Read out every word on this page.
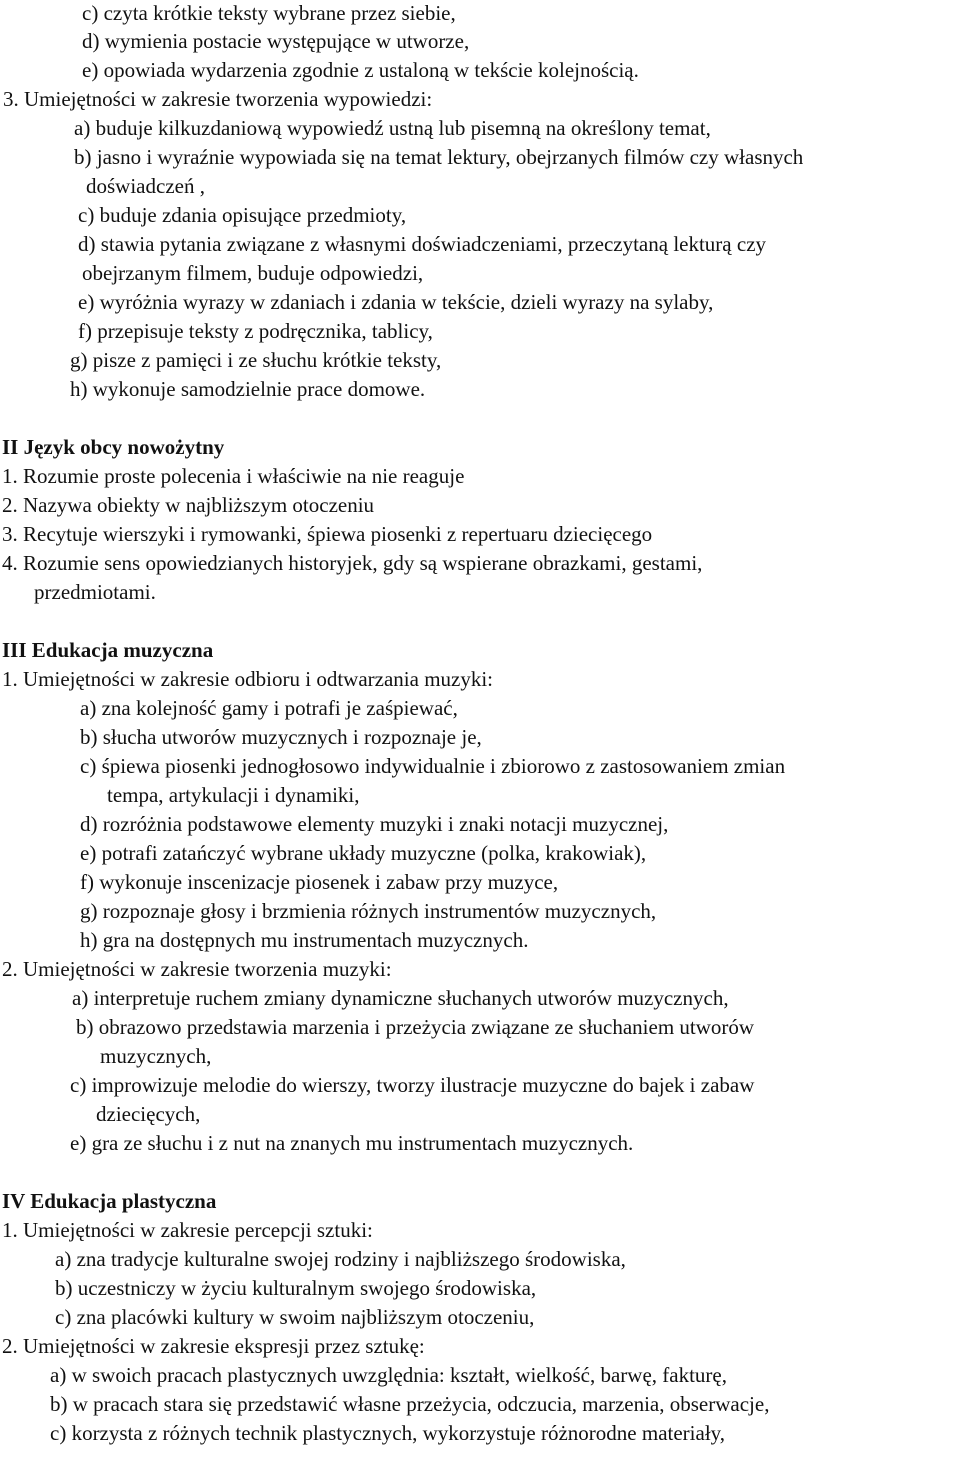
c) czyta krótkie teksty wybrane przez siebie,
d) wymienia postacie występujące w utworze,
e) opowiada wydarzenia zgodnie z ustaloną w tekście kolejnością.
3. Umiejętności w zakresie tworzenia wypowiedzi:
a) buduje kilkuzdaniową wypowiedź ustną lub pisemną na określony temat,
b) jasno i wyraźnie wypowiada się na temat lektury, obejrzanych filmów czy własnych
doświadczeń ,
c) buduje zdania opisujące przedmioty,
d) stawia pytania związane z własnymi doświadczeniami, przeczytaną lekturą czy
obejrzanym filmem, buduje odpowiedzi,
e) wyróżnia wyrazy w zdaniach i zdania w tekście, dzieli wyrazy na sylaby,
f) przepisuje teksty z podręcznika, tablicy,
g) pisze z pamięci i ze słuchu krótkie teksty,
h) wykonuje samodzielnie prace domowe.
II Język obcy nowożytny
1. Rozumie proste polecenia i właściwie na nie reaguje
2. Nazywa obiekty w najbliższym otoczeniu
3. Recytuje wierszyki i rymowanki, śpiewa piosenki z repertuaru dziecięcego
4. Rozumie sens opowiedzianych historyjek, gdy są wspierane obrazkami, gestami,
przedmiotami.
III Edukacja muzyczna
1. Umiejętności w zakresie odbioru i odtwarzania muzyki:
a) zna kolejność gamy i potrafi je zaśpiewać,
b) słucha utworów muzycznych i rozpoznaje je,
c) śpiewa piosenki jednogłosowo indywidualnie i zbiorowo z zastosowaniem zmian
tempa, artykulacji i dynamiki,
d) rozróżnia podstawowe elementy muzyki i znaki notacji muzycznej,
e) potrafi zatańczyć wybrane układy muzyczne (polka, krakowiak),
f) wykonuje inscenizacje piosenek i zabaw przy muzyce,
g) rozpoznaje głosy i brzmienia różnych instrumentów muzycznych,
h) gra na dostępnych mu instrumentach muzycznych.
2. Umiejętności w zakresie tworzenia muzyki:
a) interpretuje ruchem zmiany dynamiczne słuchanych utworów muzycznych,
b) obrazowo przedstawia marzenia i przeżycia związane ze słuchaniem utworów
muzycznych,
c) improwizuje melodie do wierszy, tworzy ilustracje muzyczne do bajek i zabaw
dziecięcych,
e) gra ze słuchu i z nut na znanych mu instrumentach muzycznych.
IV Edukacja plastyczna
1. Umiejętności w zakresie percepcji sztuki:
a) zna tradycje kulturalne swojej rodziny i najbliższego środowiska,
b) uczestniczy w życiu kulturalnym swojego środowiska,
c) zna placówki kultury w swoim najbliższym otoczeniu,
2. Umiejętności w zakresie ekspresji przez sztukę:
a) w swoich pracach plastycznych uwzględnia: kształt, wielkość, barwę, fakturę,
b) w pracach stara się przedstawić własne przeżycia, odczucia, marzenia, obserwacje,
c) korzysta z różnych technik plastycznych, wykorzystuje różnorodne materiały,
